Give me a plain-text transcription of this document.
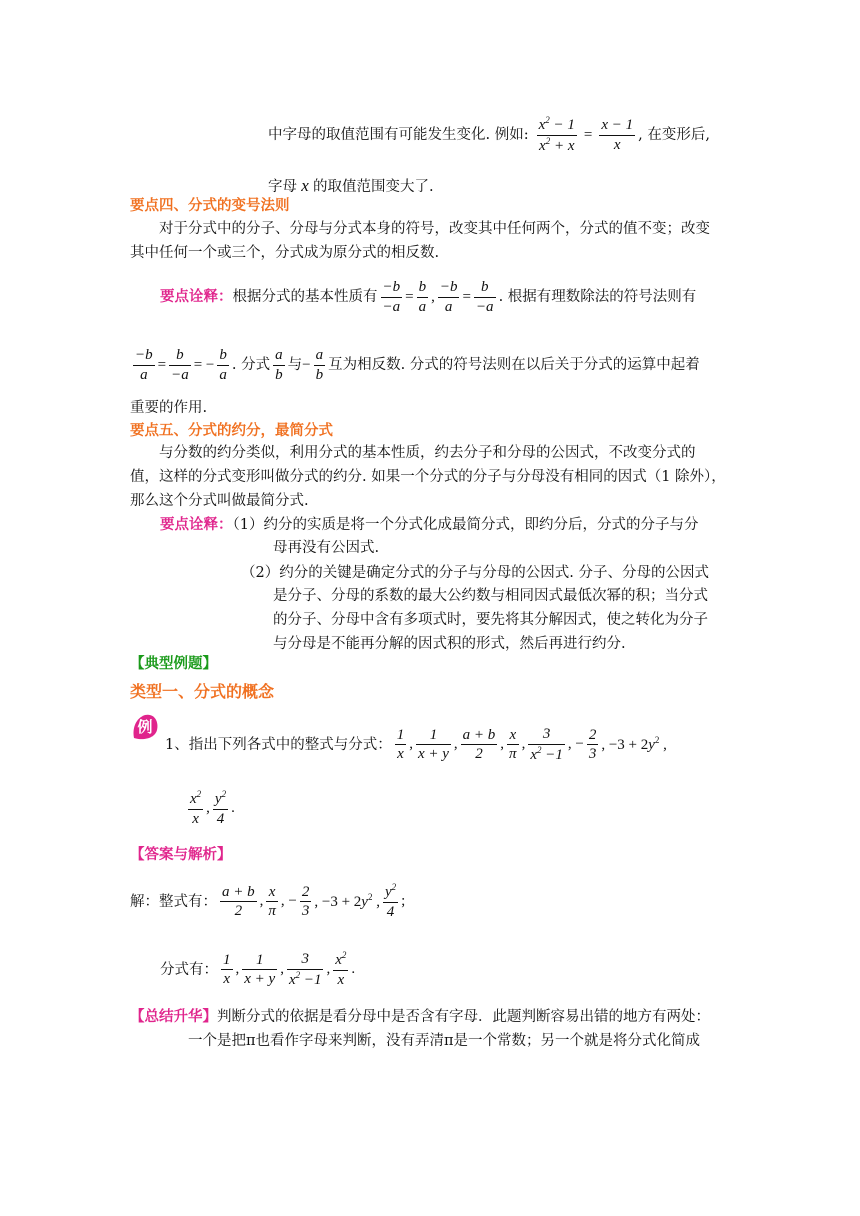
中字母的取值范围有可能发生变化. 例如:
$x^2 - 1$
$x^2 + x$
=
x − 1
x
, 在变形后,
字母 x 的取值范围变大了.
要点四、分式的变号法则
对于分式中的分子、分母与分式本身的符号，改变其中任何两个，分式的值不变；改变
其中任何一个或三个，分式成为原分式的相反数.
要点诠释： 根据分式的基本性质有
−b
−a
=
b
a
,
−b
a
=
b
−a
. 根据有理数除法的符号法则有
−b
a
=
b
−a
= −
b
a
. 分式
a
b
与 −
a
b
互为相反数. 分式的符号法则在以后关于分式的运算中起着
重要的作用.
要点五、分式的约分，最简分式
与分数的约分类似，利用分式的基本性质，约去分子和分母的公因式，不改变分式的
值，这样的分式变形叫做分式的约分. 如果一个分式的分子与分母没有相同的因式（1 除外），
那么这个分式叫做最简分式.
要点诠释：（1）约分的实质是将一个分式化成最简分式，即约分后，分式的分子与分
母再没有公因式.
（2）约分的关键是确定分式的分子与分母的公因式. 分子、分母的公因式
是分子、分母的系数的最大公约数与相同因式最低次幂的积；当分式
的分子、分母中含有多项式时，要先将其分解因式，使之转化为分子
与分母是不能再分解的因式积的形式，然后再进行约分.
【典型例题】
类型一、分式的概念
例
1、指出下列各式中的整式与分式：
1
x
,
1
x + y
,
a + b
2
,
x
π
,
3
$x^2 -1$
, −
2
3
, $-3 + 2y^2$ ,
$x^2$
x
,
$y^2$
4
.
【答案与解析】
解：整式有：
a + b
2
,
x
π
, −
2
3
, $-3 + 2y^2$ ,
$y^2$
4
;
分式有：
1
x
,
1
x + y
,
3
$x^2 -1$
,
$x^2$
x
.
【总结升华】判断分式的依据是看分母中是否含有字母．此题判断容易出错的地方有两处：
一个是把π也看作字母来判断，没有弄清π是一个常数；另一个就是将分式化简成
